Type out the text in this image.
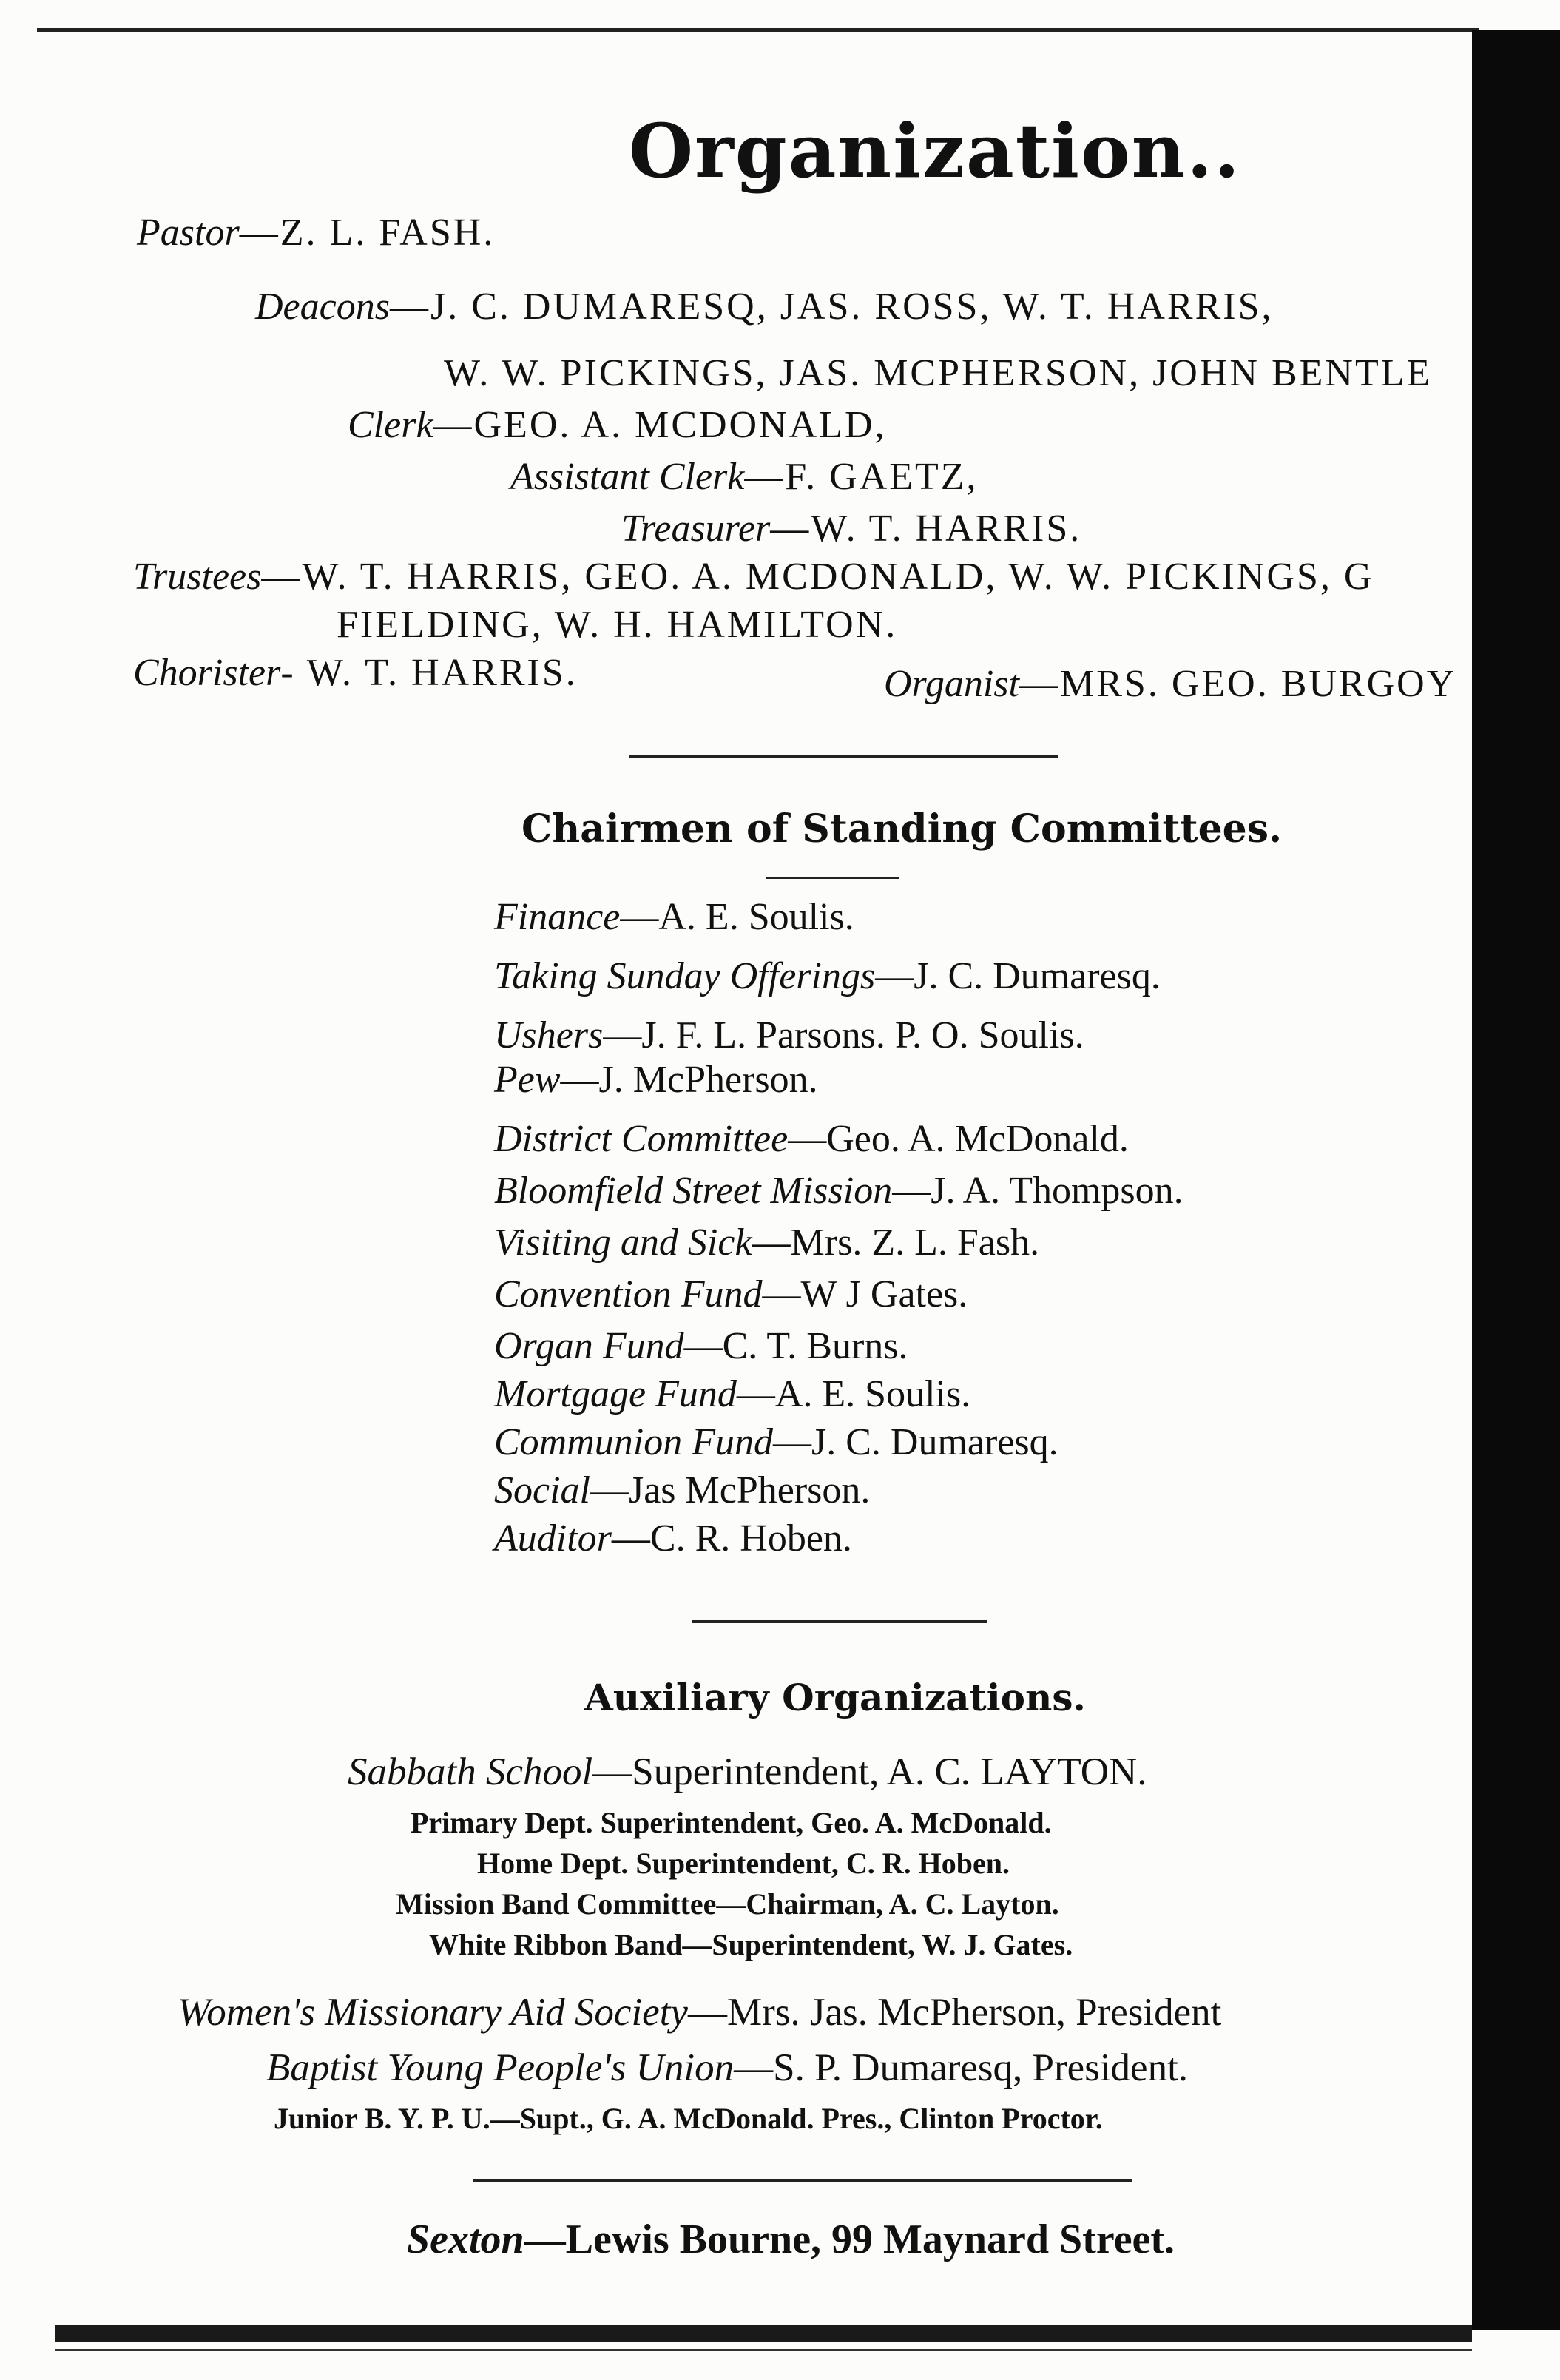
Organization..
Pastor—Z. L. FASH.
Deacons—J. C. DUMARESQ, JAS. ROSS, W. T. HARRIS,
W. W. PICKINGS, JAS. MCPHERSON, JOHN BENTLE
Clerk—GEO. A. MCDONALD,
Assistant Clerk—F. GAETZ,
Treasurer—W. T. HARRIS.
Trustees—W. T. HARRIS, GEO. A. MCDONALD, W. W. PICKINGS, G
FIELDING, W. H. HAMILTON.
Chorister- W. T. HARRIS.	Organist—MRS. GEO. BURGOY
Chairmen of Standing Committees.
Finance—A. E. Soulis.
Taking Sunday Offerings—J. C. Dumaresq.
Ushers—J. F. L. Parsons. P. O. Soulis.
Pew—J. McPherson.
District Committee—Geo. A. McDonald.
Bloomfield Street Mission—J. A. Thompson.
Visiting and Sick—Mrs. Z. L. Fash.
Convention Fund—W J Gates.
Organ Fund—C. T. Burns.
Mortgage Fund—A. E. Soulis.
Communion Fund—J. C. Dumaresq.
Social—Jas McPherson.
Auditor—C. R. Hoben.
Auxiliary Organizations.
Sabbath School—Superintendent, A. C. LAYTON.
Primary Dept. Superintendent, Geo. A. McDonald.
Home Dept. Superintendent, C. R. Hoben.
Mission Band Committee—Chairman, A. C. Layton.
White Ribbon Band—Superintendent, W. J. Gates.
Women's Missionary Aid Society—Mrs. Jas. McPherson, President
Baptist Young People's Union—S. P. Dumaresq, President.
Junior B. Y. P. U.—Supt., G. A. McDonald. Pres., Clinton Proctor.
Sexton—Lewis Bourne, 99 Maynard Street.
